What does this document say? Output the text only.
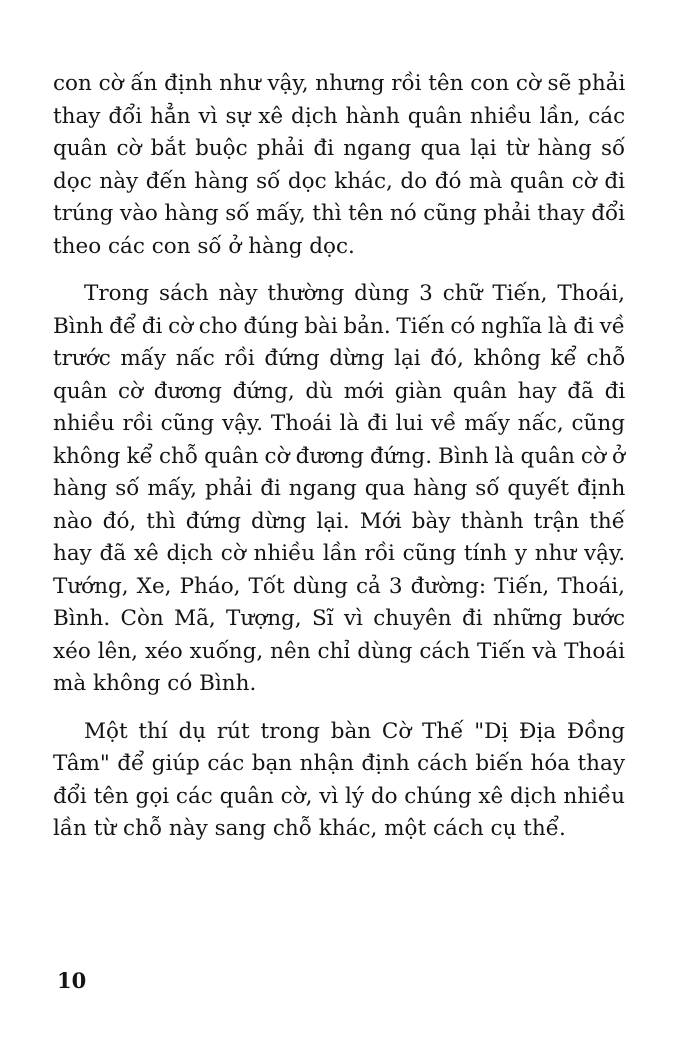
con cờ ấn định như vậy, nhưng rồi tên con cờ sẽ phải
thay đổi hẳn vì sự xê dịch hành quân nhiều lần, các
quân cờ bắt buộc phải đi ngang qua lại từ hàng số
dọc này đến hàng số dọc khác, do đó mà quân cờ đi
trúng vào hàng số mấy, thì tên nó cũng phải thay đổi
theo các con số ở hàng dọc.

Trong sách này thường dùng 3 chữ Tiến, Thoái,
Bình để đi cờ cho đúng bài bản. Tiến có nghĩa là đi về
trước mấy nấc rồi đứng dừng lại đó, không kể chỗ
quân cờ đương đứng, dù mới giàn quân hay đã đi
nhiều rồi cũng vậy. Thoái là đi lui về mấy nấc, cũng
không kể chỗ quân cờ đương đứng. Bình là quân cờ ở
hàng số mấy, phải đi ngang qua hàng số quyết định
nào đó, thì đứng dừng lại. Mới bày thành trận thế
hay đã xê dịch cờ nhiều lần rồi cũng tính y như vậy.
Tướng, Xe, Pháo, Tốt dùng cả 3 đường: Tiến, Thoái,
Bình. Còn Mã, Tượng, Sĩ vì chuyên đi những bước
xéo lên, xéo xuống, nên chỉ dùng cách Tiến và Thoái
mà không có Bình.

Một thí dụ rút trong bàn Cờ Thế "Dị Địa Đồng
Tâm" để giúp các bạn nhận định cách biến hóa thay
đổi tên gọi các quân cờ, vì lý do chúng xê dịch nhiều
lần từ chỗ này sang chỗ khác, một cách cụ thể.

10
